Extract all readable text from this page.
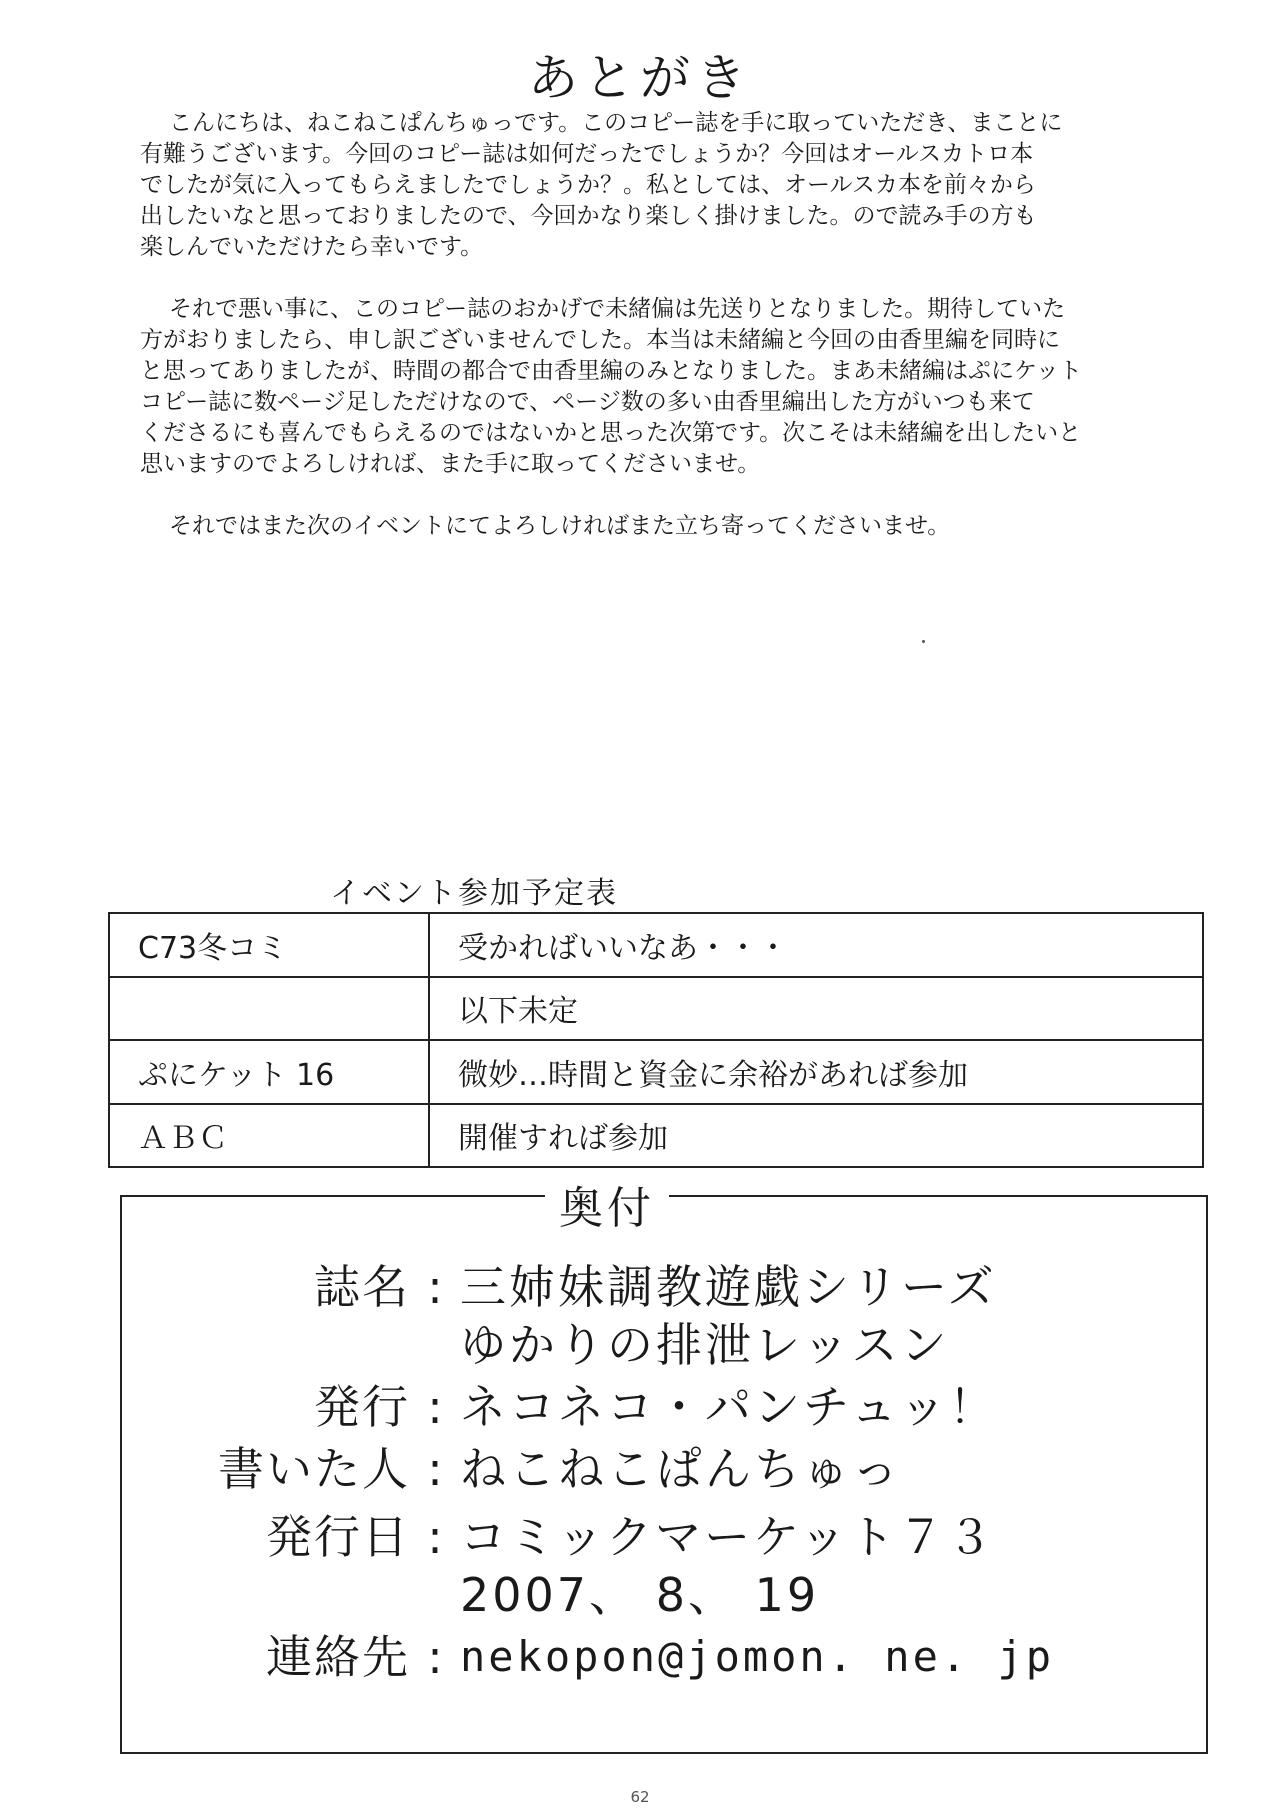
あとがき

こんにちは、ねこねこぱんちゅっです。このコピー誌を手に取っていただき、まことに
有難うございます。今回のコピー誌は如何だったでしょうか？今回はオールスカトロ本
でしたが気に入ってもらえましたでしょうか？。私としては、オールスカ本を前々から
出したいなと思っておりましたので、今回かなり楽しく掛けました。ので読み手の方も
楽しんでいただけたら幸いです。

それで悪い事に、このコピー誌のおかげで未緒偏は先送りとなりました。期待していた
方がおりましたら、申し訳ございませんでした。本当は未緒編と今回の由香里編を同時に
と思ってありましたが、時間の都合で由香里編のみとなりました。まあ未緒編はぷにケット
コピー誌に数ページ足しただけなので、ページ数の多い由香里編出した方がいつも来て
くださるにも喜んでもらえるのではないかと思った次第です。次こそは未緒編を出したいと
思いますのでよろしければ、また手に取ってくださいませ。

それではまた次のイベントにてよろしければまた立ち寄ってくださいませ。

イベント参加予定表
C73冬コミ	受かればいいなあ・・・
	以下未定
ぷにケット 16	微妙…時間と資金に余裕があれば参加
ＡＢＣ	開催すれば参加
奥付
誌名 : 三姉妹調教遊戯シリーズ
ゆかりの排泄レッスン
発行 : ネコネコ・パンチュッ！
書いた人 : ねこねこぱんちゅっ
発行日 : コミックマーケット７３
2007、 8、 19
連絡先 : nekopon@jomon. ne. jp
62
